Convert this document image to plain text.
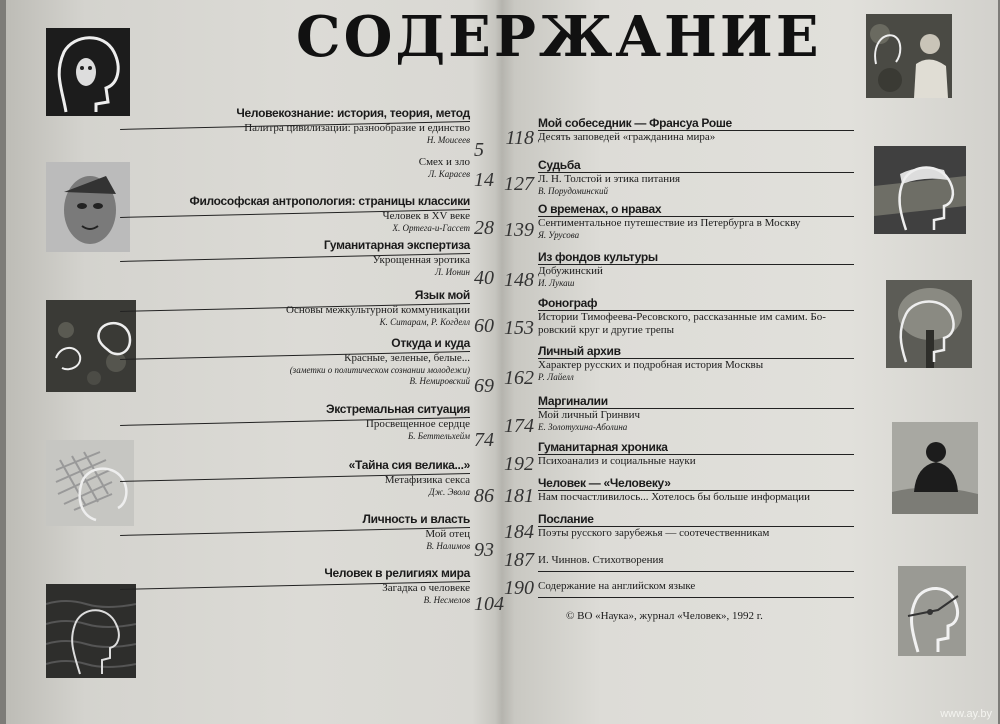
СОДЕРЖАНИЕ
Человекознание: история, теория, метод
Палитра цивилизаций: разнообразие и единство
Н. Моисеев 5
Смех и зло
Л. Карасев 14
Философская антропология: страницы классики
Человек в XV веке
Х. Ортега-и-Гассет 28
Гуманитарная экспертиза
Укрощенная эротика
Л. Ионин 40
Язык мой
Основы межкультурной коммуникации
К. Ситарам, Р. Когделл 60
Откуда и куда
Красные, зеленые, белые...
(заметки о политическом сознании молодежи)
В. Немировский 69
Экстремальная ситуация
Просвещенное сердце
Б. Беттельхейм 74
«Тайна сия велика...»
Метафизика секса
Дж. Эвола 86
Личность и власть
Мой отец
В. Налимов 93
Человек в религиях мира
Загадка о человеке
В. Несмелов 104
Мой собеседник — Франсуа Роше
Десять заповедей «гражданина мира»
118
Судьба
Л. Н. Толстой и этика питания
В. Порудоминский
127
О временах, о нравах
Сентиментальное путешествие из Петербурга в Москву
Я. Урусова
139
Из фондов культуры
Добужинский
И. Лукаш
148
Фонограф
Истории Тимофеева-Ресовского, рассказанные им самим. Бо-
ровский круг и другие трепы
153
Личный архив
Характер русских и подробная история Москвы
Р. Лайелл
162
Маргиналии
Мой личный Гринвич
Е. Золотухина-Аболина
174
Гуманитарная хроника
Психоанализ и социальные науки
192
Человек — «Человеку»
Нам посчастливилось... Хотелось бы больше информации
181
Послание
Поэты русского зарубежья — соотечественникам
184
И. Чиннов. Стихотворения
187
Содержание на английском языке
190
© ВО «Наука», журнал «Человек», 1992 г.
www.ay.by
